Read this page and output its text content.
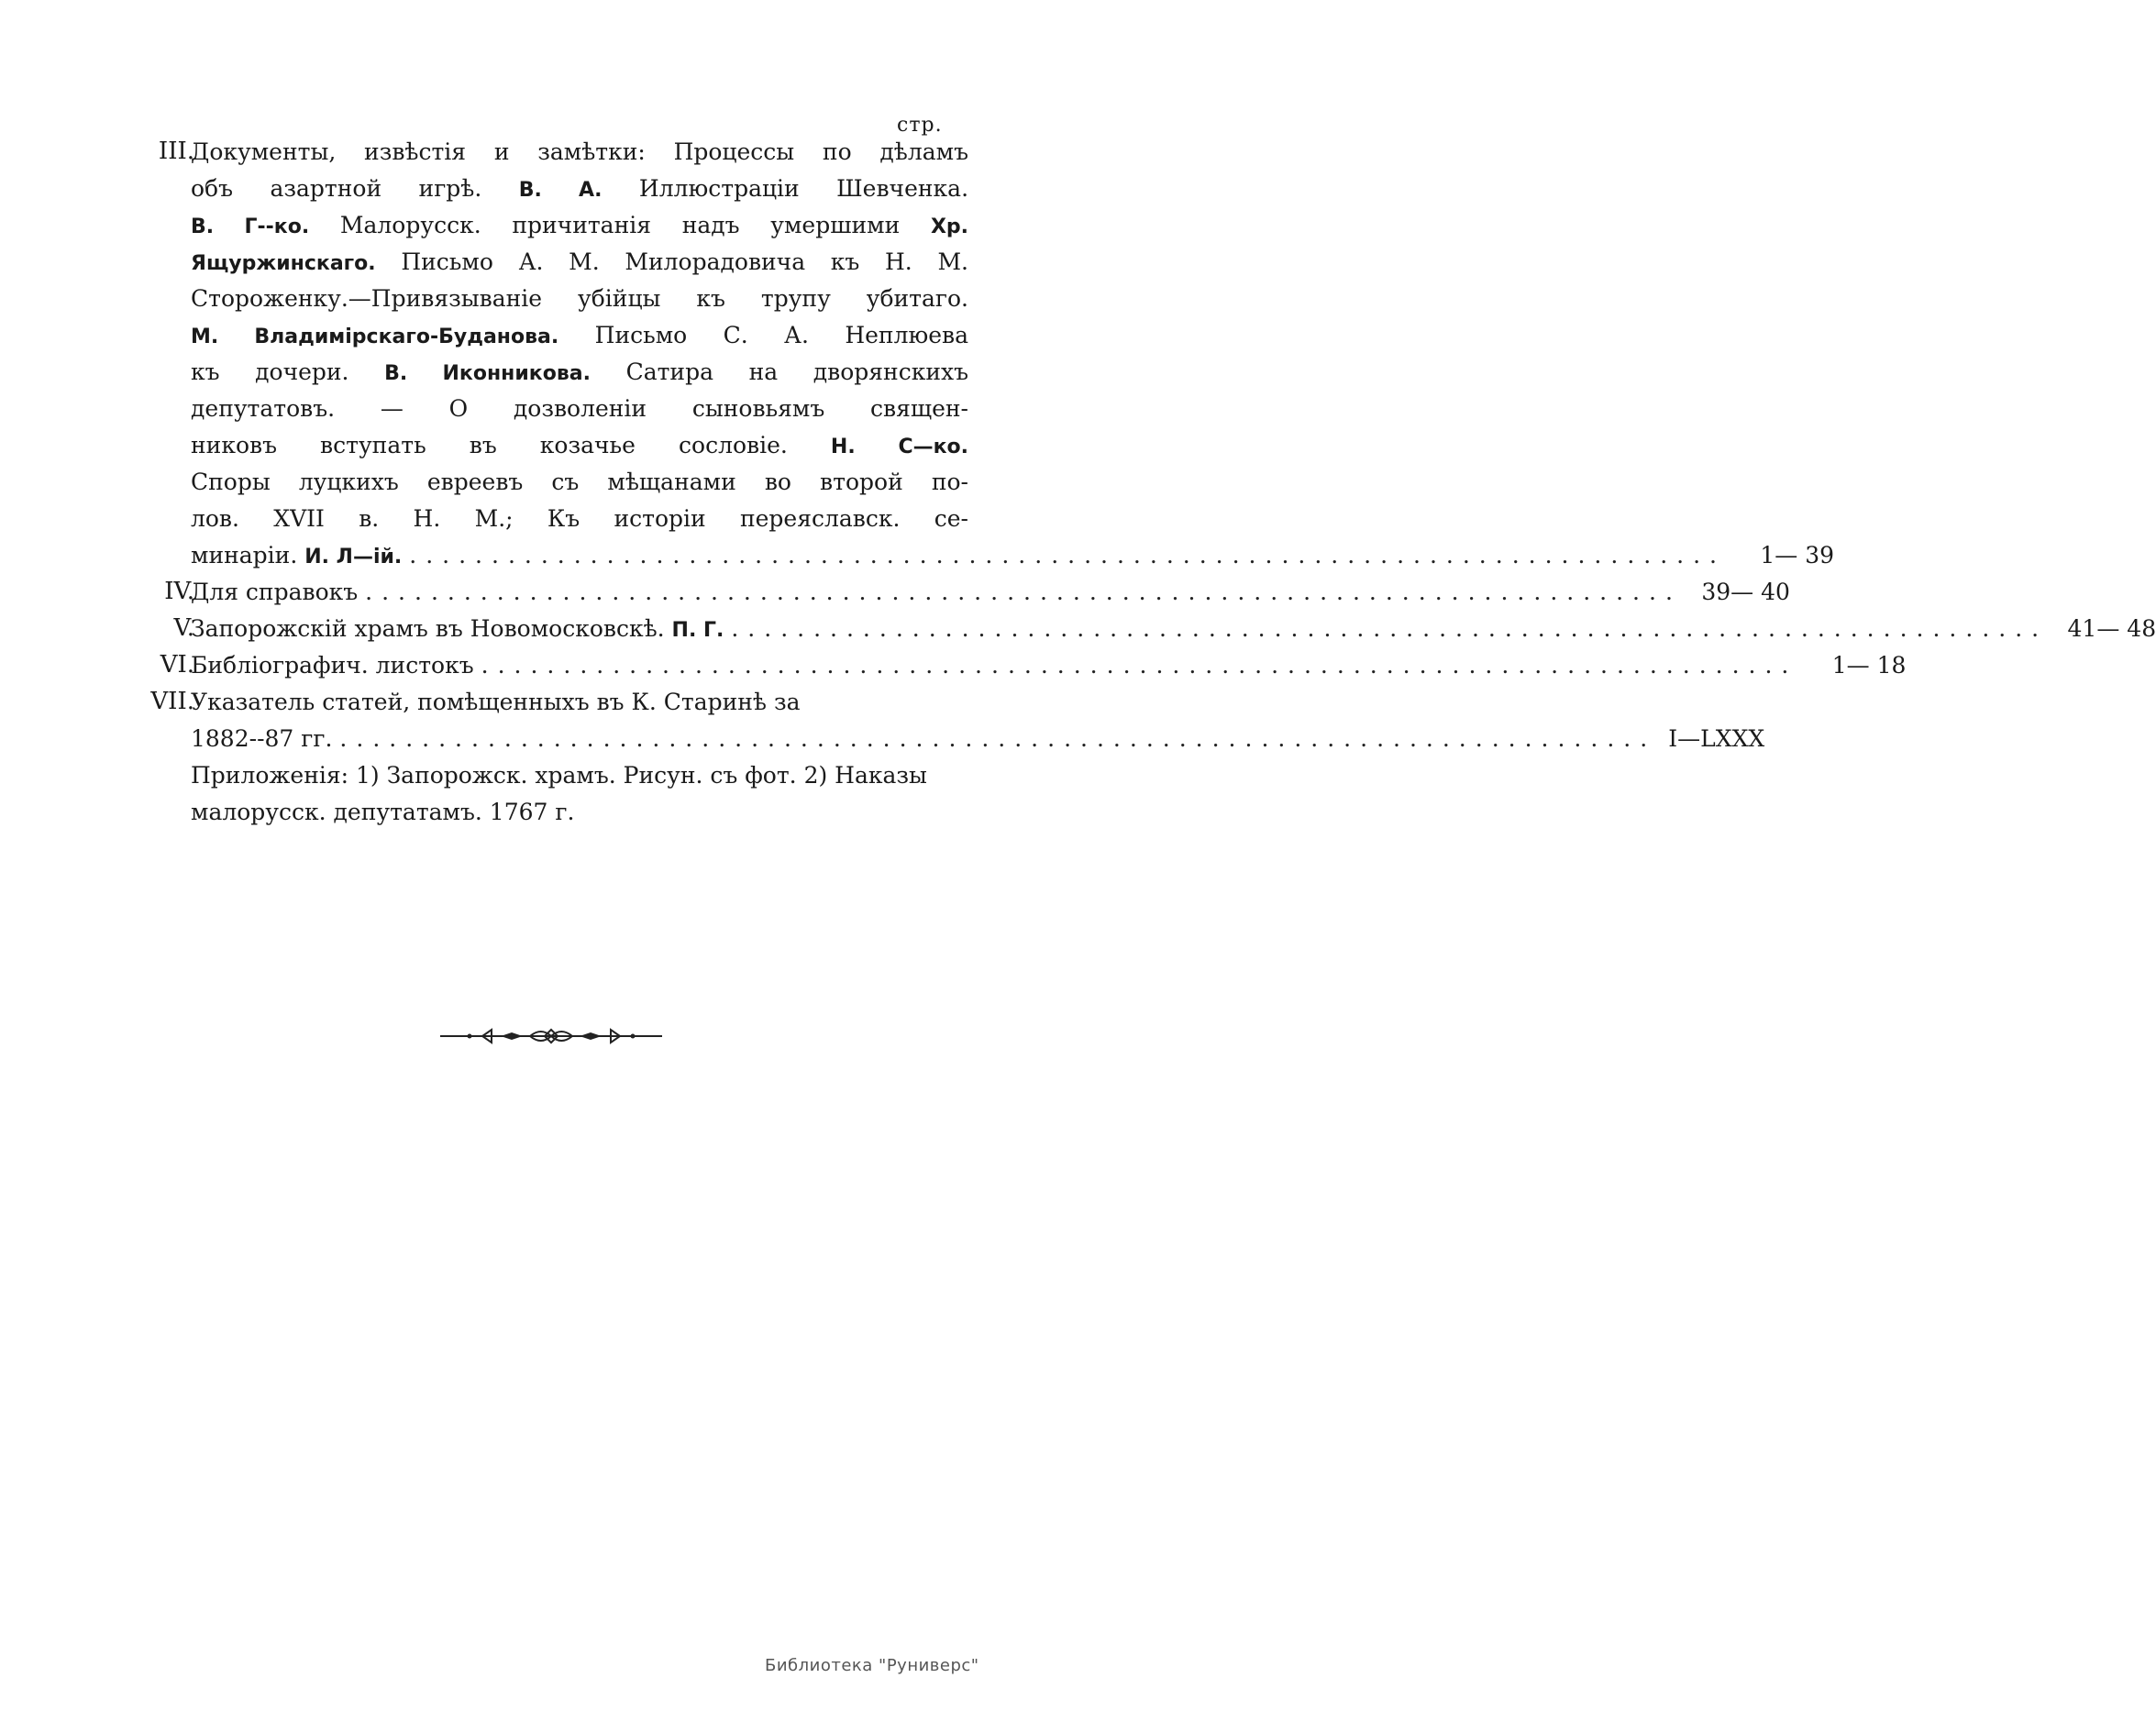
стр.
III.
Документы, извѣстія и замѣтки: Процессы по дѣламъ
объ азартной игрѣ. В. А. Иллюстраціи Шевченка.
В. Г--ко. Малорусск. причитанія надъ умершими Хр.
Ящуржинскаго. Письмо А. М. Милорадовича къ Н. М.
Стороженку.—Привязываніе убійцы къ трупу убитаго.
М. Владимірскаго-Буданова. Письмо С. А. Неплюева
къ дочери. В. Иконникова. Сатира на дворянскихъ
депутатовъ. — О дозволеніи сыновьямъ священ-
никовъ вступать въ козачье сословіе. Н. С—ко.
Споры луцкихъ евреевъ съ мѣщанами во второй по-
лов. XVII в. Н. М.; Къ исторіи переяславск. се-
минаріи. И. Л—ій. ................................................................................	1— 39
IV.
Для справокъ ................................................................................ 39— 40
V.
Запорожскій храмъ въ Новомосковскѣ. П. Г. ................................................................................ 41— 48
VI.
Библіографич. листокъ ................................................................................	1— 18
VII.
Указатель статей, помѣщенныхъ въ К. Старинѣ за
1882--87 гг. ................................................................................ I—LXXX
Приложенія: 1) Запорожск. храмъ. Рисун. съ фот. 2) Наказы
малорусск. депутатамъ. 1767 г.
Библиотека "Руниверс"
